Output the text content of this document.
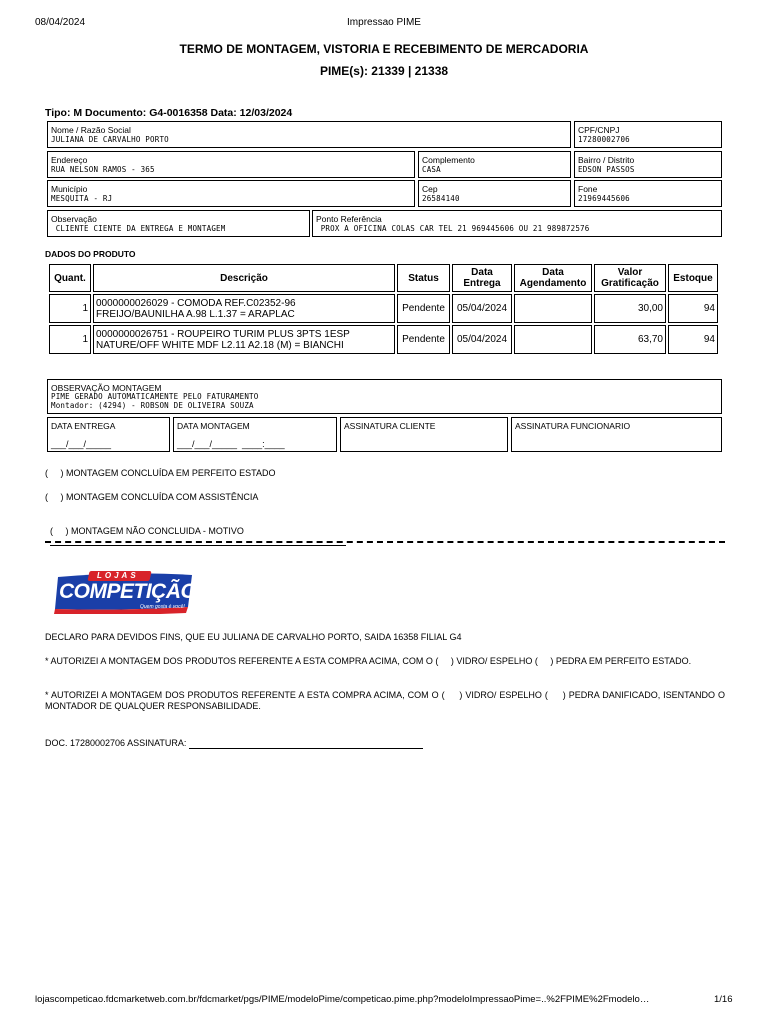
08/04/2024	Impressao PIME
TERMO DE MONTAGEM, VISTORIA E RECEBIMENTO DE MERCADORIA
PIME(s): 21339 | 21338
Tipo: M Documento: G4-0016358 Data: 12/03/2024
Nome / Razão Social
JULIANA DE CARVALHO PORTO
CPF/CNPJ
17280002706
Endereço
RUA NELSON RAMOS - 365
Complemento
CASA
Bairro / Distrito
EDSON PASSOS
Município
MESQUITA - RJ
Cep
26584140
Fone
21969445606
Observação
CLIENTE CIENTE DA ENTREGA E MONTAGEM
Ponto Referência
PROX A OFICINA COLAS CAR TEL 21 969445606 OU 21 989872576
DADOS DO PRODUTO
Quant.	Descrição	Status	Data Entrega	Data Agendamento	Valor Gratificação	Estoque
1	0000000026029 - COMODA REF.C02352-96
FREIJO/BAUNILHA A.98 L.1.37 = ARAPLAC	Pendente	05/04/2024		30,00	94
1	0000000026751 - ROUPEIRO TURIM PLUS 3PTS 1ESP
NATURE/OFF WHITE MDF L2.11 A2.18 (M) = BIANCHI	Pendente	05/04/2024		63,70	94
OBSERVAÇÃO MONTAGEM
PIME GERADO AUTOMATICAMENTE PELO FATURAMENTO
Montador: (4294) - ROBSON DE OLIVEIRA SOUZA
DATA ENTREGA
___/___/_____
DATA MONTAGEM
___/___/_____  ____:____
ASSINATURA CLIENTE	ASSINATURA FUNCIONARIO
(     ) MONTAGEM CONCLUÍDA EM PERFEITO ESTADO
(     ) MONTAGEM CONCLUÍDA COM ASSISTÊNCIA

(     ) MONTAGEM NÃO CONCLUIDA - MOTIVO

LOJAS
COMPETIÇÃO
Quem gosta é você!
DECLARO PARA DEVIDOS FINS, QUE EU JULIANA DE CARVALHO PORTO, SAIDA 16358 FILIAL G4
* AUTORIZEI A MONTAGEM DOS PRODUTOS REFERENTE A ESTA COMPRA ACIMA, COM O (     ) VIDRO/ ESPELHO (     ) PEDRA EM PERFEITO ESTADO.
* AUTORIZEI A MONTAGEM DOS PRODUTOS REFERENTE A ESTA COMPRA ACIMA, COM O (     ) VIDRO/ ESPELHO (     ) PEDRA DANIFICADO, ISENTANDO O MONTADOR DE QUALQUER RESPONSABILIDADE.
DOC. 17280002706 ASSINATURA:
lojascompeticao.fdcmarketweb.com.br/fdcmarket/pgs/PIME/modeloPime/competicao.pime.php?modeloImpressaoPime=..%2FPIME%2Fmodelo…	1/16
